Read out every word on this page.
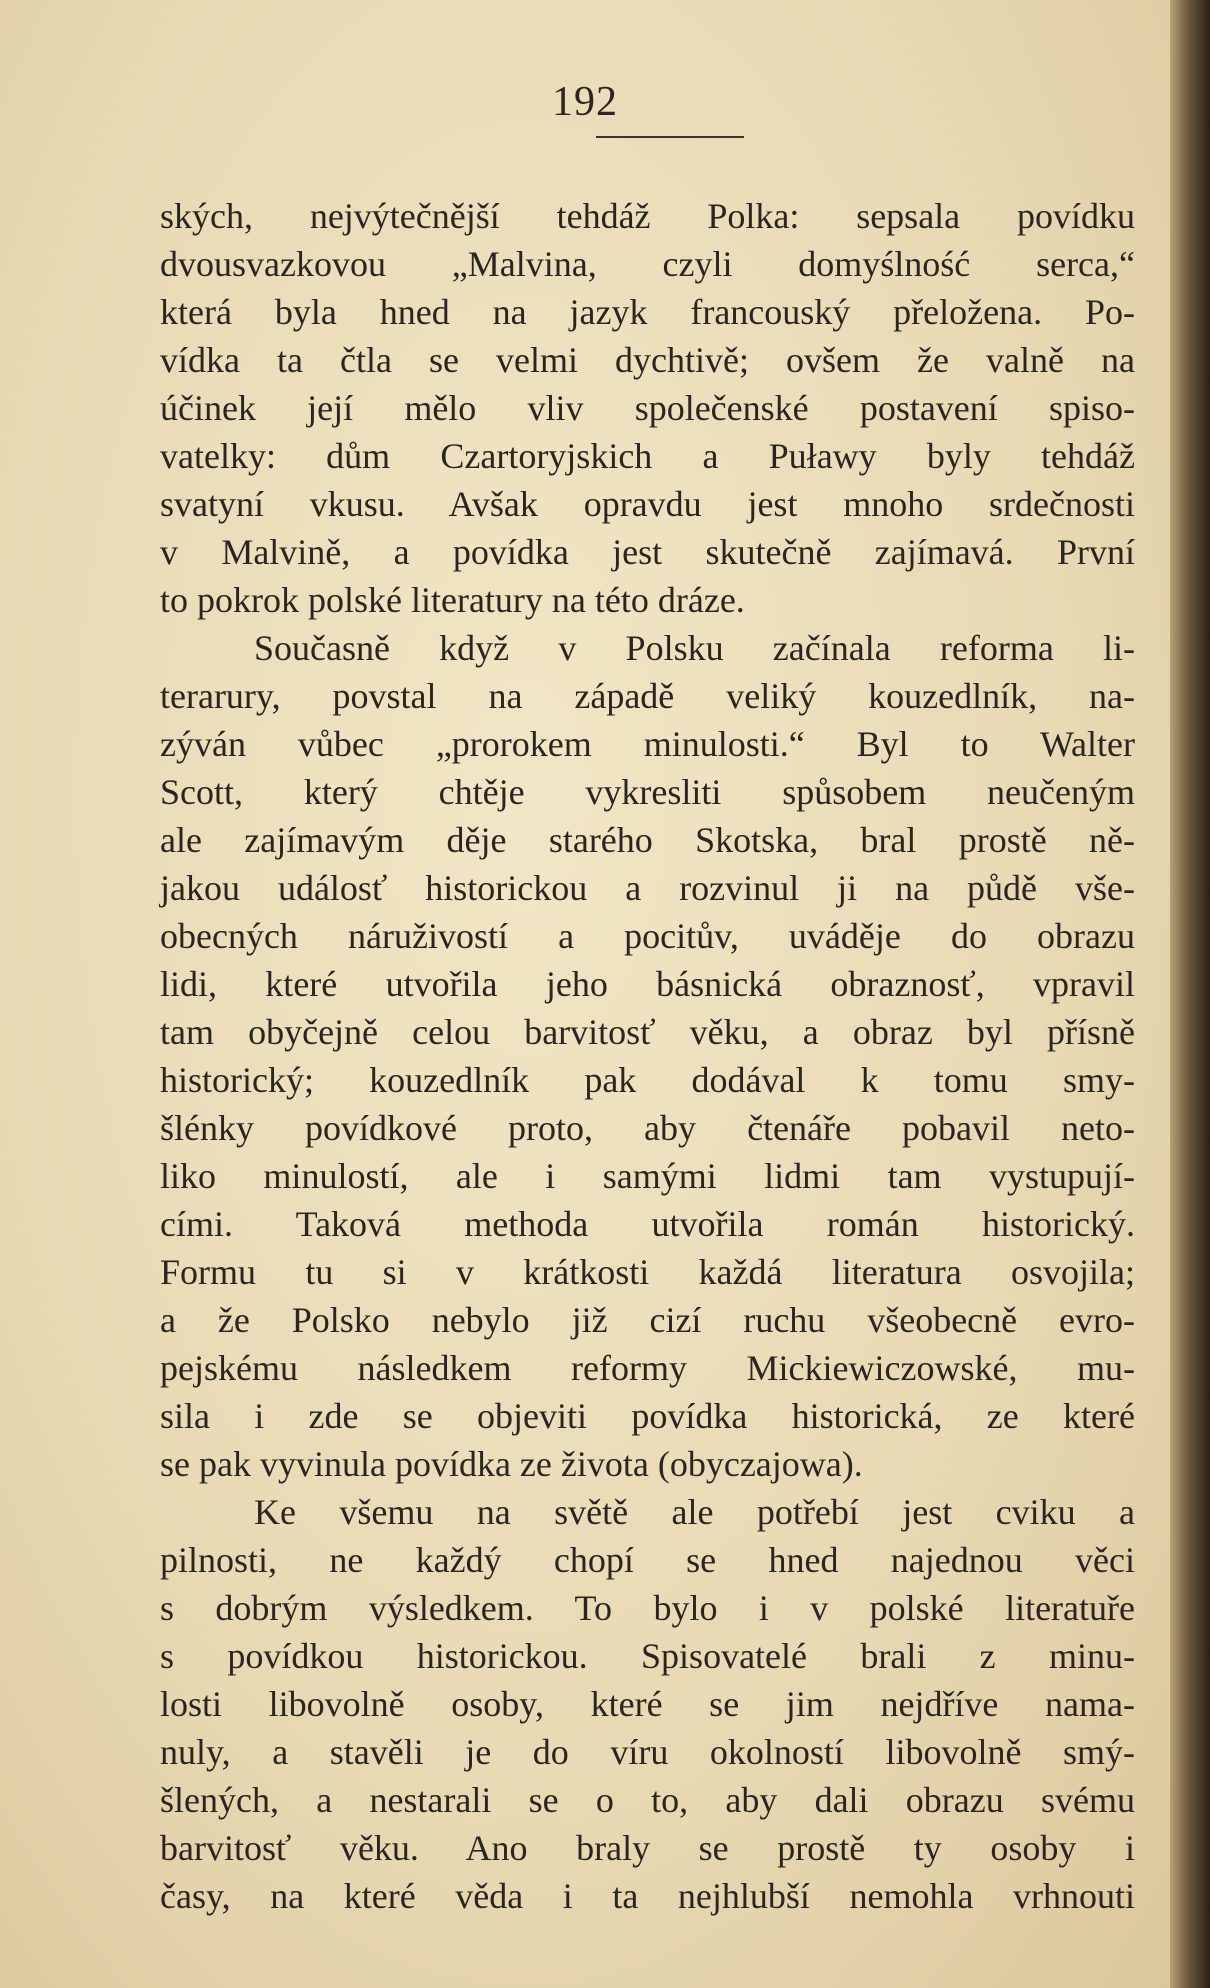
192
ských, nejvýtečnější tehdáž Polka: sepsala povídku
dvousvazkovou „Malvina, czyli domyślność serca,“
která byla hned na jazyk francouský přeložena. Po-
vídka ta čtla se velmi dychtivě; ovšem že valně na
účinek její mělo vliv společenské postavení spiso-
vatelky: dům Czartoryjskich a Puławy byly tehdáž
svatyní vkusu. Avšak opravdu jest mnoho srdečnosti
v Malvině, a povídka jest skutečně zajímavá. První
to pokrok polské literatury na této dráze.
Současně když v Polsku začínala reforma li-
terarury, povstal na západě veliký kouzedlník, na-
zýván vůbec „prorokem minulosti.“ Byl to Walter
Scott, který chtěje vykresliti spůsobem neučeným
ale zajímavým děje starého Skotska, bral prostě ně-
jakou událosť historickou a rozvinul ji na půdě vše-
obecných náruživostí a pocitův, uváděje do obrazu
lidi, které utvořila jeho básnická obraznosť, vpravil
tam obyčejně celou barvitosť věku, a obraz byl přísně
historický; kouzedlník pak dodával k tomu smy-
šlénky povídkové proto, aby čtenáře pobavil neto-
liko minulostí, ale i samými lidmi tam vystupují-
cími. Taková methoda utvořila román historický.
Formu tu si v krátkosti každá literatura osvojila;
a že Polsko nebylo již cizí ruchu všeobecně evro-
pejskému následkem reformy Mickiewiczowské, mu-
sila i zde se objeviti povídka historická, ze které
se pak vyvinula povídka ze života (obyczajowa).
Ke všemu na světě ale potřebí jest cviku a
pilnosti, ne každý chopí se hned najednou věci
s dobrým výsledkem. To bylo i v polské literatuře
s povídkou historickou. Spisovatelé brali z minu-
losti libovolně osoby, které se jim nejdříve nama-
nuly, a stavěli je do víru okolností libovolně smý-
šlených, a nestarali se o to, aby dali obrazu svému
barvitosť věku. Ano braly se prostě ty osoby i
časy, na které věda i ta nejhlubší nemohla vrhnouti
